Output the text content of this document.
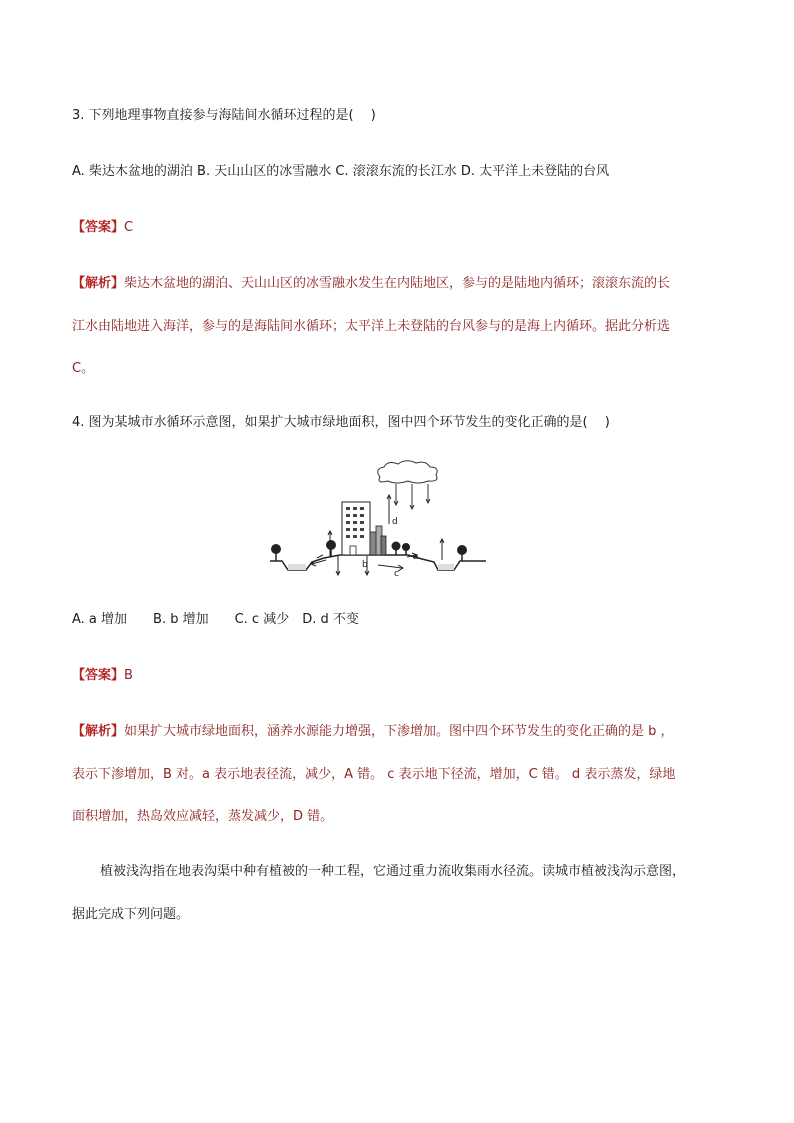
3. 下列地理事物直接参与海陆间水循环过程的是(　 )
A. 柴达木盆地的湖泊 B. 天山山区的冰雪融水 C. 滚滚东流的长江水 D. 太平洋上未登陆的台风
【答案】C
【解析】柴达木盆地的湖泊、天山山区的冰雪融水发生在内陆地区，参与的是陆地内循环；滚滚东流的长
江水由陆地进入海洋，参与的是海陆间水循环；太平洋上未登陆的台风参与的是海上内循环。据此分析选
C。
4. 图为某城市水循环示意图，如果扩大城市绿地面积，图中四个环节发生的变化正确的是(　 )
d
b
c
a
A. a 增加　　B. b 增加　　C. c 减少　D. d 不变
【答案】B
【解析】如果扩大城市绿地面积，涵养水源能力增强，下渗增加。图中四个环节发生的变化正确的是 b ，
表示下渗增加，B 对。a 表示地表径流，减少，A 错。 c 表示地下径流，增加，C 错。 d 表示蒸发，绿地
面积增加，热岛效应减轻，蒸发减少，D 错。
植被浅沟指在地表沟渠中种有植被的一种工程，它通过重力流收集雨水径流。读城市植被浅沟示意图，
据此完成下列问题。
